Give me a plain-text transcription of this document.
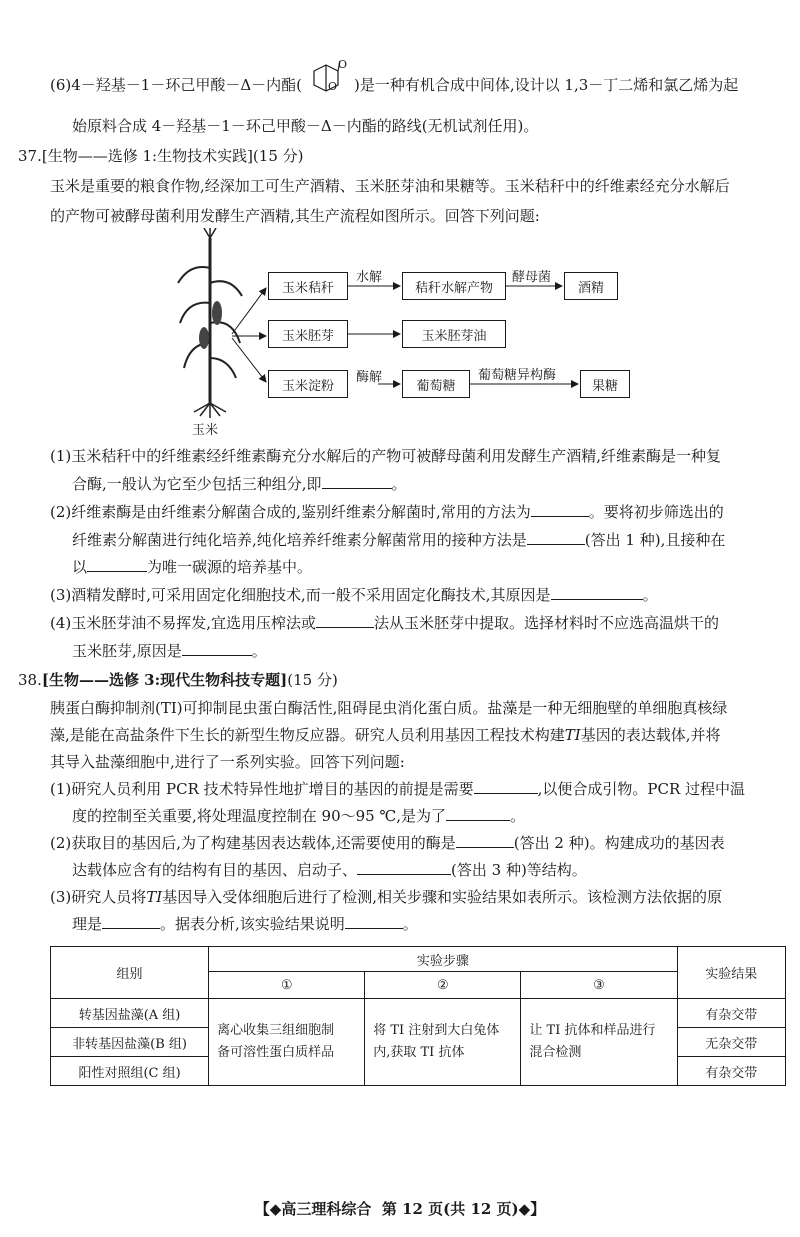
(6)4－羟基－1－环己甲酸－Δ－内酯(
O
O )是一种有机合成中间体,设计以 1,3－丁二烯和氯乙烯为起
始原料合成 4－羟基－1－环己甲酸－Δ－内酯的路线(无机试剂任用)。
37.[生物——选修 1:生物技术实践](15 分)
玉米是重要的粮食作物,经深加工可生产酒精、玉米胚芽油和果糖等。玉米秸秆中的纤维素经充分水解后
的产物可被酵母菌利用发酵生产酒精,其生产流程如图所示。回答下列问题:
玉米
玉米秸秆	秸秆水解产物	酒精
玉米胚芽	玉米胚芽油
玉米淀粉	葡萄糖	果糖
水解	酵母菌
酶解	葡萄糖异构酶
(1)玉米秸秆中的纤维素经纤维素酶充分水解后的产物可被酵母菌利用发酵生产酒精,纤维素酶是一种复
合酶,一般认为它至少包括三种组分,即	。
(2)纤维素酶是由纤维素分解菌合成的,鉴别纤维素分解菌时,常用的方法为	。要将初步筛选出的
纤维素分解菌进行纯化培养,纯化培养纤维素分解菌常用的接种方法是	(答出 1 种),且接种在
以	为唯一碳源的培养基中。
(3)酒精发酵时,可采用固定化细胞技术,而一般不采用固定化酶技术,其原因是	。
(4)玉米胚芽油不易挥发,宜选用压榨法或	法从玉米胚芽中提取。选择材料时不应选高温烘干的
玉米胚芽,原因是	。
38.[生物——选修 3:现代生物科技专题](15 分)
胰蛋白酶抑制剂(TI)可抑制昆虫蛋白酶活性,阻碍昆虫消化蛋白质。盐藻是一种无细胞壁的单细胞真核绿
藻,是能在高盐条件下生长的新型生物反应器。研究人员利用基因工程技术构建TI基因的表达载体,并将
其导入盐藻细胞中,进行了一系列实验。回答下列问题:
(1)研究人员利用 PCR 技术特异性地扩增目的基因的前提是需要	,以便合成引物。PCR 过程中温
度的控制至关重要,将处理温度控制在 90～95 ℃,是为了	。
(2)获取目的基因后,为了构建基因表达载体,还需要使用的酶是	(答出 2 种)。构建成功的基因表
达载体应含有的结构有目的基因、启动子、	(答出 3 种)等结构。
(3)研究人员将TI基因导入受体细胞后进行了检测,相关步骤和实验结果如表所示。该检测方法依据的原
理是	。据表分析,该实验结果说明	。
组别	实验步骤			实验结果
	①	②	③	
转基因盐藻(A 组)	离心收集三组细胞制
备可溶性蛋白质样品	将 TI 注射到大白兔体
内,获取 TI 抗体	让 TI 抗体和样品进行
混合检测	有杂交带
非转基因盐藻(B 组)				无杂交带
阳性对照组(C 组)				有杂交带
【◆高三理科综合 第 12 页(共 12 页)◆】
